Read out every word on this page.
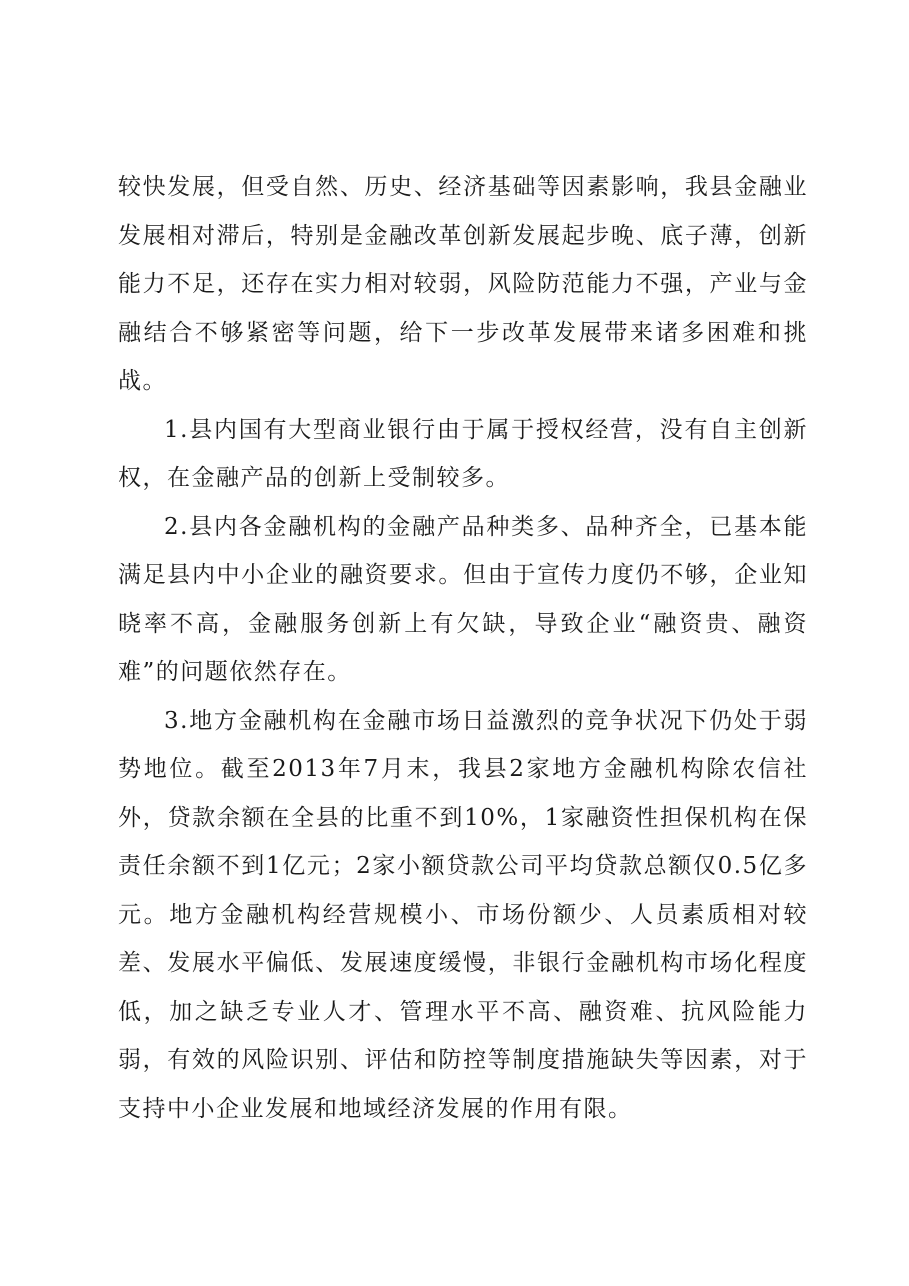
较快发展，但受自然、历史、经济基础等因素影响，我县金融业发展相对滞后，特别是金融改革创新发展起步晚、底子薄，创新能力不足，还存在实力相对较弱，风险防范能力不强，产业与金融结合不够紧密等问题，给下一步改革发展带来诸多困难和挑战。

1.县内国有大型商业银行由于属于授权经营，没有自主创新权，在金融产品的创新上受制较多。

2.县内各金融机构的金融产品种类多、品种齐全，已基本能满足县内中小企业的融资要求。但由于宣传力度仍不够，企业知晓率不高，金融服务创新上有欠缺，导致企业“融资贵、融资难”的问题依然存在。

3.地方金融机构在金融市场日益激烈的竞争状况下仍处于弱势地位。截至2013年7月末，我县2家地方金融机构除农信社外，贷款余额在全县的比重不到10%，1家融资性担保机构在保责任余额不到1亿元；2家小额贷款公司平均贷款总额仅0.5亿多元。地方金融机构经营规模小、市场份额少、人员素质相对较差、发展水平偏低、发展速度缓慢，非银行金融机构市场化程度低，加之缺乏专业人才、管理水平不高、融资难、抗风险能力弱，有效的风险识别、评估和防控等制度措施缺失等因素，对于支持中小企业发展和地域经济发展的作用有限。
